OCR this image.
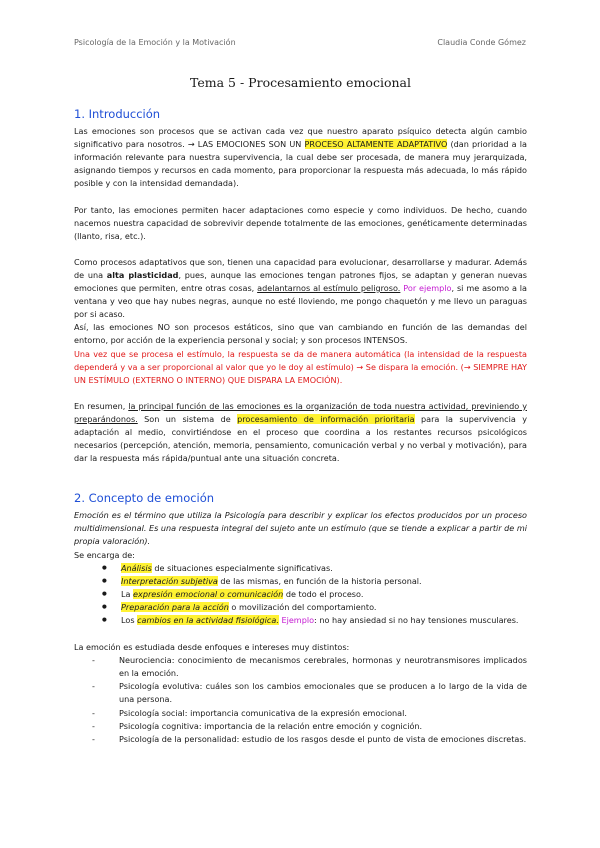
Psicología de la Emoción y la Motivación	Claudia Conde Gómez
Tema 5 - Procesamiento emocional
1. Introducción

Las emociones son procesos que se activan cada vez que nuestro aparato psíquico detecta algún cambio significativo para nosotros. → LAS EMOCIONES SON UN PROCESO ALTAMENTE ADAPTATIVO (dan prioridad a la información relevante para nuestra supervivencia, la cual debe ser procesada, de manera muy jerarquizada, asignando tiempos y recursos en cada momento, para proporcionar la respuesta más adecuada, lo más rápido posible y con la intensidad demandada).

Por tanto, las emociones permiten hacer adaptaciones como especie y como individuos. De hecho, cuando nacemos nuestra capacidad de sobrevivir depende totalmente de las emociones, genéticamente determinadas (llanto, risa, etc.).

Como procesos adaptativos que son, tienen una capacidad para evolucionar, desarrollarse y madurar. Además de una alta plasticidad, pues, aunque las emociones tengan patrones fijos, se adaptan y generan nuevas emociones que permiten, entre otras cosas, adelantarnos al estímulo peligroso. Por ejemplo, si me asomo a la ventana y veo que hay nubes negras, aunque no esté lloviendo, me pongo chaquetón y me llevo un paraguas por si acaso.

Así, las emociones NO son procesos estáticos, sino que van cambiando en función de las demandas del entorno, por acción de la experiencia personal y social; y son procesos INTENSOS.

Una vez que se procesa el estímulo, la respuesta se da de manera automática (la intensidad de la respuesta dependerá y va a ser proporcional al valor que yo le doy al estímulo) → Se dispara la emoción. (→ SIEMPRE HAY UN ESTÍMULO (EXTERNO O INTERNO) QUE DISPARA LA EMOCIÓN).

En resumen, la principal función de las emociones es la organización de toda nuestra actividad, previniendo y preparándonos. Son un sistema de procesamiento de información prioritaria para la supervivencia y adaptación al medio, convirtiéndose en el proceso que coordina a los restantes recursos psicológicos necesarios (percepción, atención, memoria, pensamiento, comunicación verbal y no verbal y motivación), para dar la respuesta más rápida/puntual ante una situación concreta.

2. Concepto de emoción

Emoción es el término que utiliza la Psicología para describir y explicar los efectos producidos por un proceso multidimensional. Es una respuesta integral del sujeto ante un estímulo (que se tiende a explicar a partir de mi propia valoración).

Se encarga de:

● Análisis de situaciones especialmente significativas.
● Interpretación subjetiva de las mismas, en función de la historia personal.
● La expresión emocional o comunicación de todo el proceso.
● Preparación para la acción o movilización del comportamiento.
● Los cambios en la actividad fisiológica. Ejemplo: no hay ansiedad si no hay tensiones musculares.

La emoción es estudiada desde enfoques e intereses muy distintos:

- Neurociencia: conocimiento de mecanismos cerebrales, hormonas y neurotransmisores implicados en la emoción.
- Psicología evolutiva: cuáles son los cambios emocionales que se producen a lo largo de la vida de una persona.
- Psicología social: importancia comunicativa de la expresión emocional.
- Psicología cognitiva: importancia de la relación entre emoción y cognición.
- Psicología de la personalidad: estudio de los rasgos desde el punto de vista de emociones discretas.
